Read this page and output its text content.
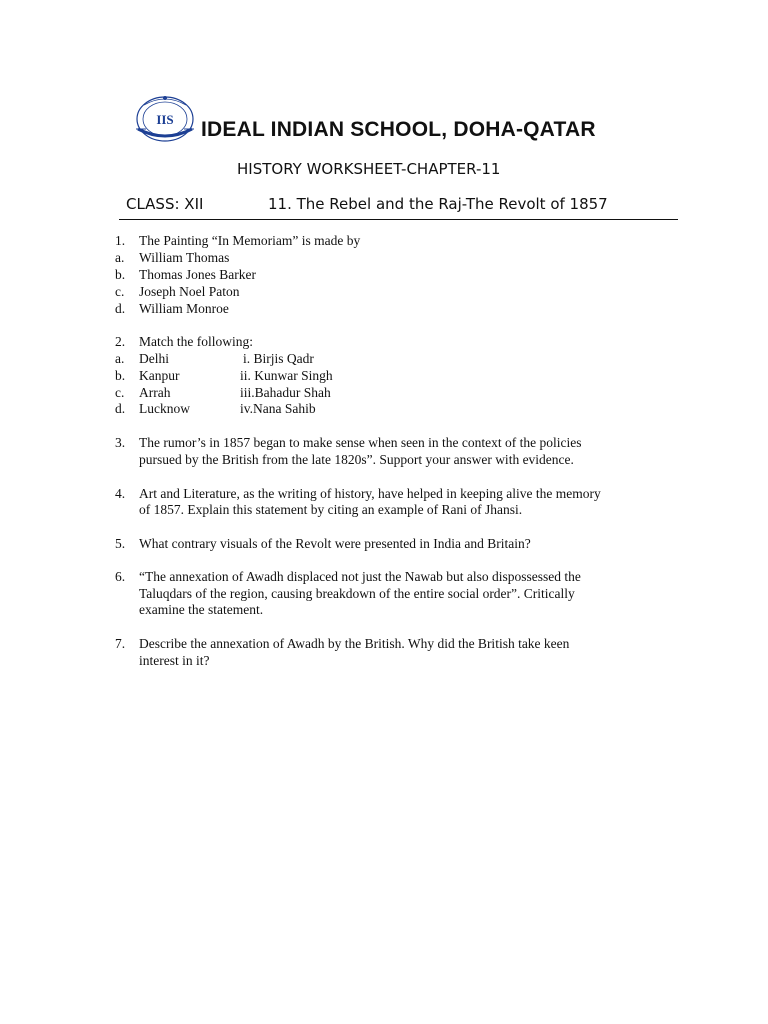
IIS IDEAL INDIAN SCHOOL, DOHA-QATAR
HISTORY WORKSHEET-CHAPTER-11
CLASS: XII	11. The Rebel and the Raj-The Revolt of 1857
1. The Painting “In Memoriam” is made by
a. William Thomas
b. Thomas Jones Barker
c. Joseph Noel Paton
d. William Monroe
2. Match the following:
a. Delhi	i. Birjis Qadr
b. Kanpur	ii. Kunwar Singh
c. Arrah	iii.Bahadur Shah
d. Lucknow	iv.Nana Sahib
3. The rumor’s in 1857 began to make sense when seen in the context of the policies
pursued by the British from the late 1820s”. Support your answer with evidence.
4. Art and Literature, as the writing of history, have helped in keeping alive the memory
of 1857. Explain this statement by citing an example of Rani of Jhansi.
5. What contrary visuals of the Revolt were presented in India and Britain?
6. “The annexation of Awadh displaced not just the Nawab but also dispossessed the
Taluqdars of the region, causing breakdown of the entire social order”. Critically
examine the statement.
7. Describe the annexation of Awadh by the British. Why did the British take keen
interest in it?
